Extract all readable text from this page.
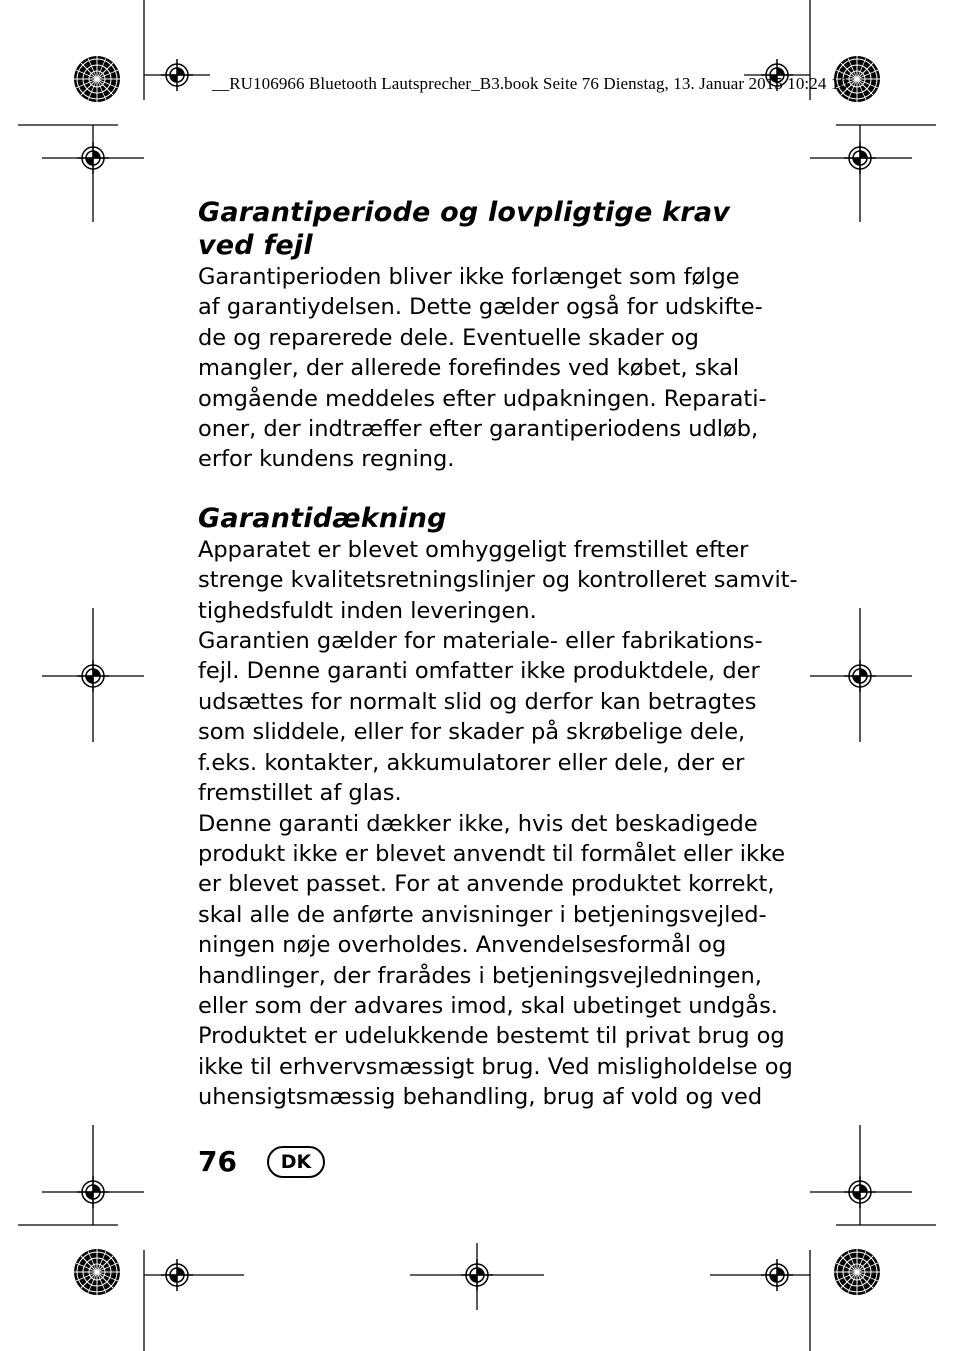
__RU106966 Bluetooth Lautsprecher_B3.book Seite 76 Dienstag, 13. Januar 2015 10:24 10
Garantiperiode og lovpligtige krav
ved fejl

Garantiperioden bliver ikke forlænget som følge
af garantiydelsen. Dette gælder også for udskifte-
de og reparerede dele. Eventuelle skader og
mangler, der allerede forefindes ved købet, skal
omgående meddeles efter udpakningen. Reparati-
oner, der indtræffer efter garantiperiodens udløb,
erfor kundens regning.

Garantidækning

Apparatet er blevet omhyggeligt fremstillet efter
strenge kvalitetsretningslinjer og kontrolleret samvit-
tighedsfuldt inden leveringen.
Garantien gælder for materiale- eller fabrikations-
fejl. Denne garanti omfatter ikke produktdele, der
udsættes for normalt slid og derfor kan betragtes
som sliddele, eller for skader på skrøbelige dele,
f.eks. kontakter, akkumulatorer eller dele, der er
fremstillet af glas.
Denne garanti dækker ikke, hvis det beskadigede
produkt ikke er blevet anvendt til formålet eller ikke
er blevet passet. For at anvende produktet korrekt,
skal alle de anførte anvisninger i betjeningsvejled-
ningen nøje overholdes. Anvendelsesformål og
handlinger, der frarådes i betjeningsvejledningen,
eller som der advares imod, skal ubetinget undgås.
Produktet er udelukkende bestemt til privat brug og
ikke til erhvervsmæssigt brug. Ved misligholdelse og
uhensigtsmæssig behandling, brug af vold og ved

76	DK
